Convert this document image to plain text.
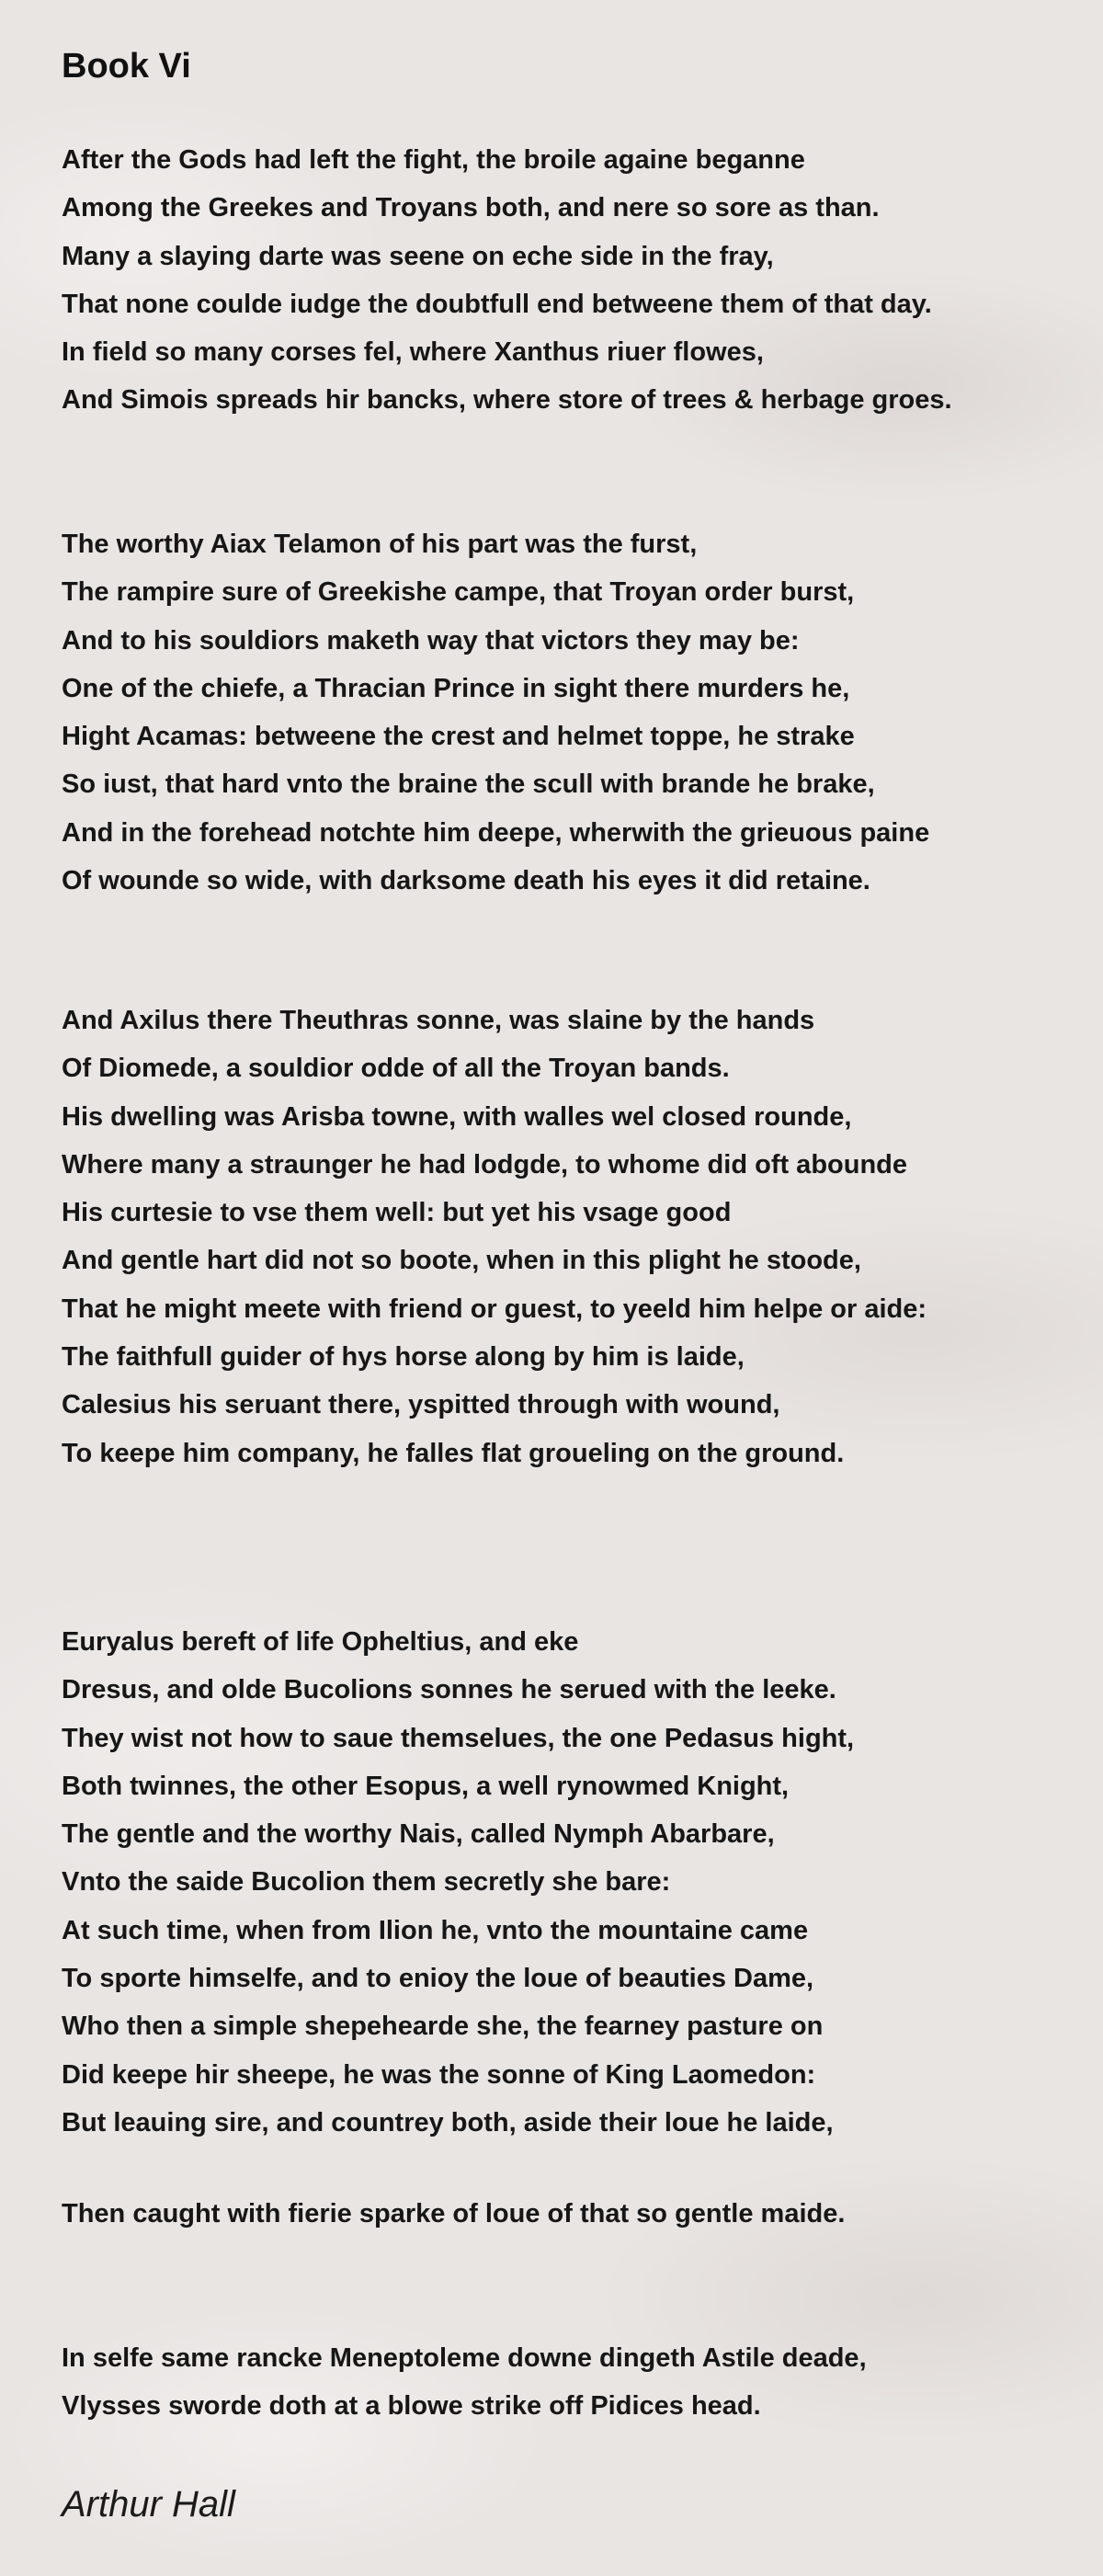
Book Vi
After the Gods had left the fight, the broile againe beganne
Among the Greekes and Troyans both, and nere so sore as than.
Many a slaying darte was seene on eche side in the fray,
That none coulde iudge the doubtfull end betweene them of that day.
In field so many corses fel, where Xanthus riuer flowes,
And Simois spreads hir bancks, where store of trees & herbage groes.
The worthy Aiax Telamon of his part was the furst,
The rampire sure of Greekishe campe, that Troyan order burst,
And to his souldiors maketh way that victors they may be:
One of the chiefe, a Thracian Prince in sight there murders he,
Hight Acamas: betweene the crest and helmet toppe, he strake
So iust, that hard vnto the braine the scull with brande he brake,
And in the forehead notchte him deepe, wherwith the grieuous paine
Of wounde so wide, with darksome death his eyes it did retaine.
And Axilus there Theuthras sonne, was slaine by the hands
Of Diomede, a souldior odde of all the Troyan bands.
His dwelling was Arisba towne, with walles wel closed rounde,
Where many a straunger he had lodgde, to whome did oft abounde
His curtesie to vse them well: but yet his vsage good
And gentle hart did not so boote, when in this plight he stoode,
That he might meete with friend or guest, to yeeld him helpe or aide:
The faithfull guider of hys horse along by him is laide,
Calesius his seruant there, yspitted through with wound,
To keepe him company, he falles flat groueling on the ground.
Euryalus bereft of life Opheltius, and eke
Dresus, and olde Bucolions sonnes he serued with the leeke.
They wist not how to saue themselues, the one Pedasus hight,
Both twinnes, the other Esopus, a well rynowmed Knight,
The gentle and the worthy Nais, called Nymph Abarbare,
Vnto the saide Bucolion them secretly she bare:
At such time, when from Ilion he, vnto the mountaine came
To sporte himselfe, and to enioy the loue of beauties Dame,
Who then a simple shepehearde she, the fearney pasture on
Did keepe hir sheepe, he was the sonne of King Laomedon:
But leauing sire, and countrey both, aside their loue he laide,
Then caught with fierie sparke of loue of that so gentle maide.
In selfe same rancke Meneptoleme downe dingeth Astile deade,
Vlysses sworde doth at a blowe strike off Pidices head.
Arthur Hall
